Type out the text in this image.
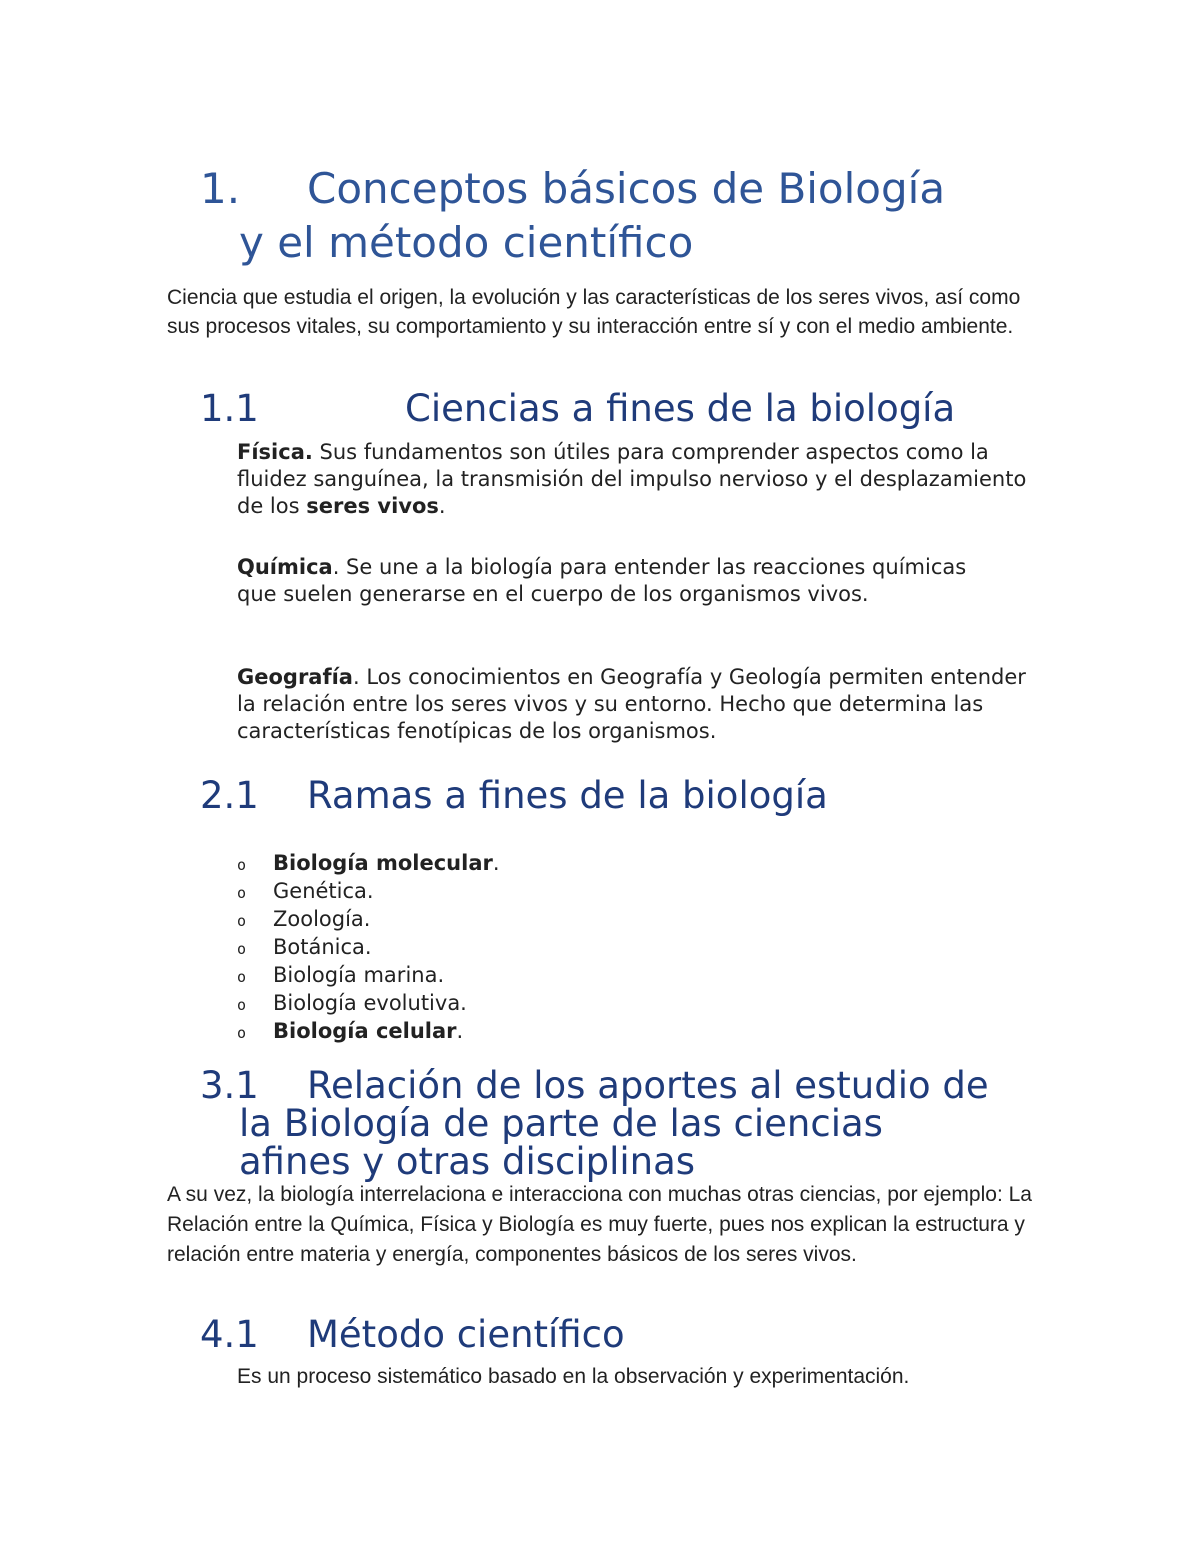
1. Conceptos básicos de Biología
y el método científico

Ciencia que estudia el origen, la evolución y las características de los seres vivos, así como sus procesos vitales, su comportamiento y su interacción entre sí y con el medio ambiente.

1.1	Ciencias a fines de la biología

Física. Sus fundamentos son útiles para comprender aspectos como la fluidez sanguínea, la transmisión del impulso nervioso y el desplazamiento de los seres vivos.

Química. Se une a la biología para entender las reacciones químicas que suelen generarse en el cuerpo de los organismos vivos.

Geografía. Los conocimientos en Geografía y Geología permiten entender la relación entre los seres vivos y su entorno. Hecho que determina las características fenotípicas de los organismos.

2.1 Ramas a fines de la biología
o Biología molecular.
o Genética.
o Zoología.
o Botánica.
o Biología marina.
o Biología evolutiva.
o Biología celular.
3.1 Relación de los aportes al estudio de
la Biología de parte de las ciencias
afines y otras disciplinas

A su vez, la biología interrelaciona e interacciona con muchas otras ciencias, por ejemplo: La Relación entre la Química, Física y Biología es muy fuerte, pues nos explican la estructura y relación entre materia y energía, componentes básicos de los seres vivos.

4.1 Método científico

Es un proceso sistemático basado en la observación y experimentación.
